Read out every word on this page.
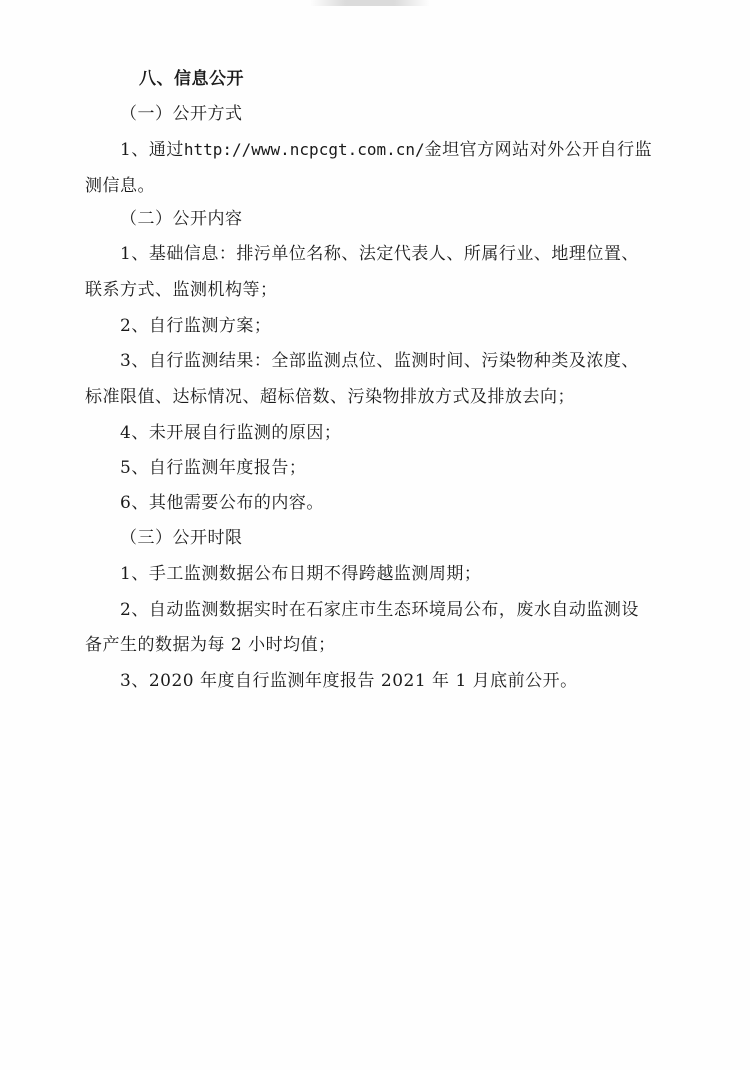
八、信息公开
（一）公开方式
1、通过http://www.ncpcgt.com.cn/金坦官方网站对外公开自行监
测信息。
（二）公开内容
1、基础信息：排污单位名称、法定代表人、所属行业、地理位置、
联系方式、监测机构等；
2、自行监测方案；
3、自行监测结果：全部监测点位、监测时间、污染物种类及浓度、
标准限值、达标情况、超标倍数、污染物排放方式及排放去向；
4、未开展自行监测的原因；
5、自行监测年度报告；
6、其他需要公布的内容。
（三）公开时限
1、手工监测数据公布日期不得跨越监测周期；
2、自动监测数据实时在石家庄市生态环境局公布，废水自动监测设
备产生的数据为每 2 小时均值；
3、2020 年度自行监测年度报告 2021 年 1 月底前公开。
